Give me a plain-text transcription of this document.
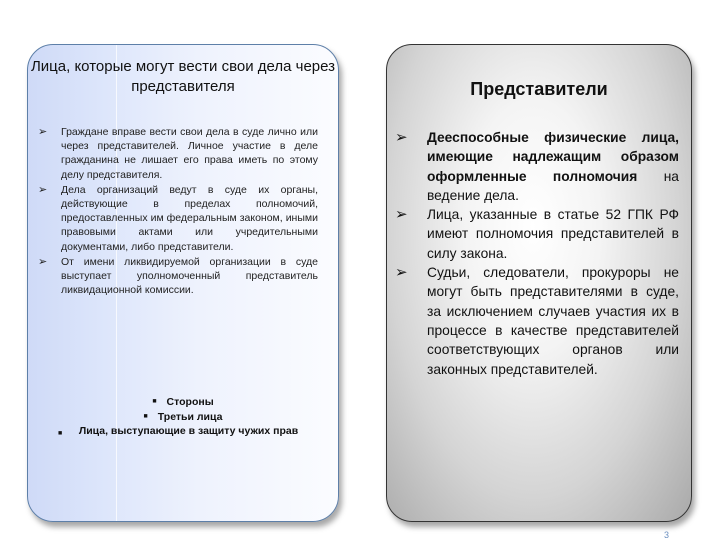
Лица, которые могут вести свои дела через представителя
➢ Граждане вправе вести свои дела в суде лично или через представителей. Личное участие в деле гражданина не лишает его права иметь по этому делу представителя.
➢ Дела организаций ведут в суде их органы, действующие в пределах полномочий, предоставленных им федеральным законом, иными правовыми актами или учредительными документами, либо представители.
➢ От имени ликвидируемой организации в суде выступает уполномоченный представитель ликвидационной комиссии.
■ Стороны
■ Третьи лица
■ Лица, выступающие в защиту чужих прав
Представители
➢ Дееспособные физические лица, имеющие надлежащим образом оформленные полномочия на ведение дела.
➢ Лица, указанные в статье 52 ГПК РФ имеют полномочия представителей в силу закона.
➢ Судьи, следователи, прокуроры не могут быть представителями в суде, за исключением случаев участия их в процессе в качестве представителей соответствующих органов или законных представителей.
3
